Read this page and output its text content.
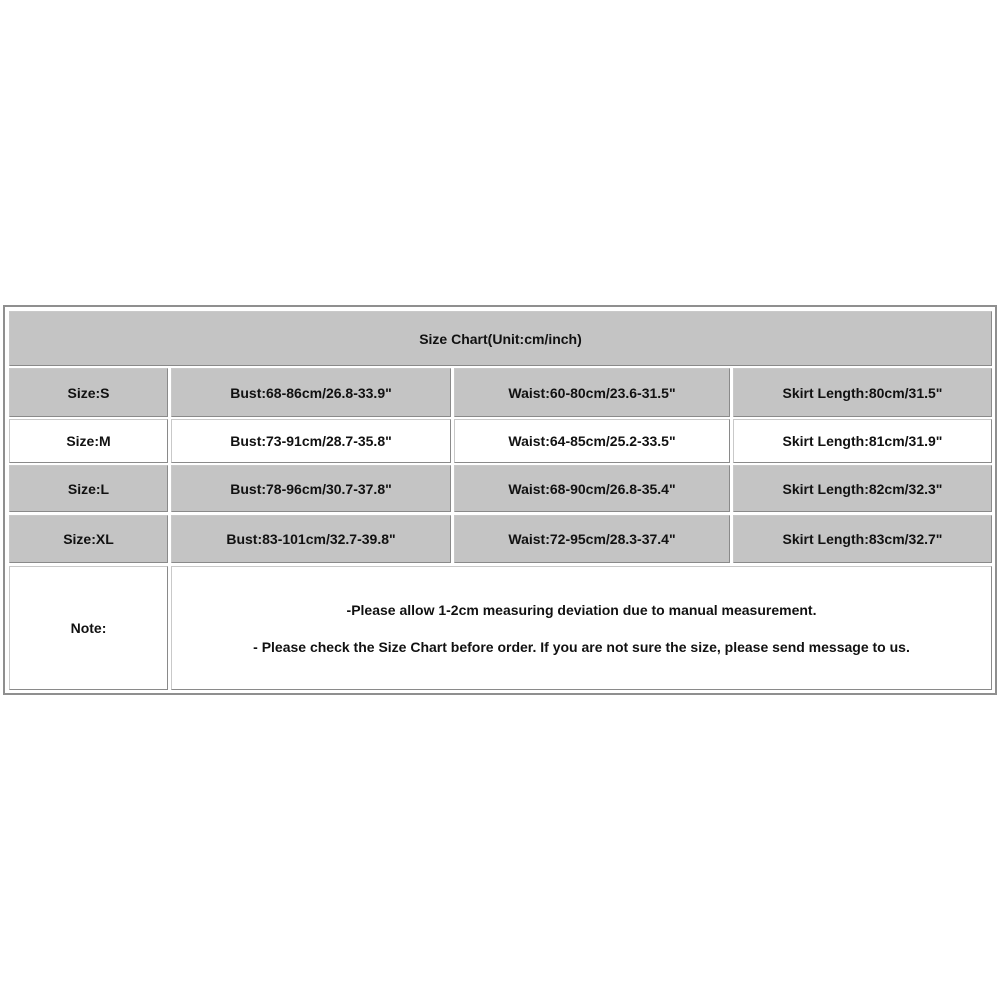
Size Chart(Unit:cm/inch)
Size:S	Bust:68-86cm/26.8-33.9"	Waist:60-80cm/23.6-31.5"	Skirt Length:80cm/31.5"
Size:M	Bust:73-91cm/28.7-35.8"	Waist:64-85cm/25.2-33.5"	Skirt Length:81cm/31.9"
Size:L	Bust:78-96cm/30.7-37.8"	Waist:68-90cm/26.8-35.4"	Skirt Length:82cm/32.3"
Size:XL	Bust:83-101cm/32.7-39.8"	Waist:72-95cm/28.3-37.4"	Skirt Length:83cm/32.7"
Note:
-Please allow 1-2cm measuring deviation due to manual measurement.
- Please check the Size Chart before order. If you are not sure the size, please send message to us.
